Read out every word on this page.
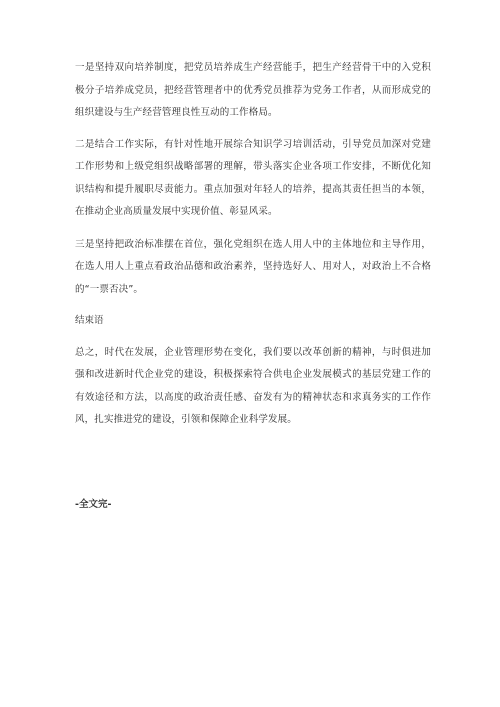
一是坚持双向培养制度，把党员培养成生产经营能手，把生产经营骨干中的入党积极分子培养成党员，把经营管理者中的优秀党员推荐为党务工作者，从而形成党的组织建设与生产经营管理良性互动的工作格局。

二是结合工作实际，有针对性地开展综合知识学习培训活动，引导党员加深对党建工作形势和上级党组织战略部署的理解，带头落实企业各项工作安排，不断优化知识结构和提升履职尽责能力。重点加强对年轻人的培养，提高其责任担当的本领，在推动企业高质量发展中实现价值、彰显风采。

三是坚持把政治标准摆在首位，强化党组织在选人用人中的主体地位和主导作用，在选人用人上重点看政治品德和政治素养，坚持选好人、用对人，对政治上不合格的“一票否决”。

结束语

总之，时代在发展，企业管理形势在变化，我们要以改革创新的精神，与时俱进加强和改进新时代企业党的建设，积极探索符合供电企业发展模式的基层党建工作的有效途径和方法，以高度的政治责任感、奋发有为的精神状态和求真务实的工作作风，扎实推进党的建设，引领和保障企业科学发展。

-全文完-
